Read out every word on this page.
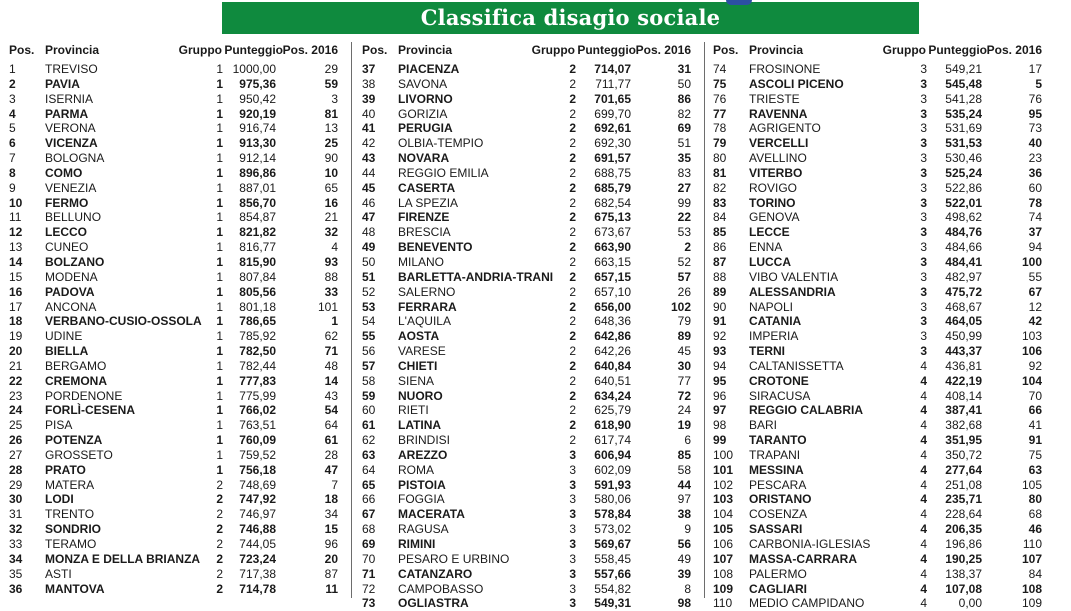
Classifica disagio sociale
Pos. Provincia	Gruppo Punteggio Pos. 2016
1 TREVISO	1 1000,00	29
2 PAVIA	1	975,36	59
3 ISERNIA	1	950,42	3
4 PARMA	1	920,19	81
5 VERONA	1	916,74	13
6 VICENZA	1	913,30	25
7 BOLOGNA	1	912,14	90
8 COMO	1	896,86	10
9 VENEZIA	1	887,01	65
10 FERMO	1	856,70	16
11 BELLUNO	1	854,87	21
12 LECCO	1	821,82	32
13 CUNEO	1	816,77	4
14 BOLZANO	1	815,90	93
15 MODENA	1	807,84	88
16 PADOVA	1	805,56	33
17 ANCONA	1	801,18	101
18 VERBANO-CUSIO-OSSOLA 1	786,65	1
19 UDINE	1	785,92	62
20 BIELLA	1	782,50	71
21 BERGAMO	1	782,44	48
22 CREMONA	1	777,83	14
23 PORDENONE	1	775,99	43
24 FORLÌ-CESENA	1	766,02	54
25 PISA	1	763,51	64
26 POTENZA	1	760,09	61
27 GROSSETO	1	759,52	28
28 PRATO	1	756,18	47
29 MATERA	2	748,69	7
30 LODI	2	747,92	18
31 TRENTO	2	746,97	34
32 SONDRIO	2	746,88	15
33 TERAMO	2	744,05	96
34 MONZA E DELLA BRIANZA 2	723,24	20
35 ASTI	2	717,38	87
36 MANTOVA	2	714,78	11
Pos. Provincia	Gruppo Punteggio Pos. 2016
37 PIACENZA	2	714,07	31
38 SAVONA	2	711,77	50
39 LIVORNO	2	701,65	86
40 GORIZIA	2	699,70	82
41 PERUGIA	2	692,61	69
42 OLBIA-TEMPIO	2	692,30	51
43 NOVARA	2	691,57	35
44 REGGIO EMILIA	2	688,75	83
45 CASERTA	2	685,79	27
46 LA SPEZIA	2	682,54	99
47 FIRENZE	2	675,13	22
48 BRESCIA	2	673,67	53
49 BENEVENTO	2	663,90	2
50 MILANO	2	663,15	52
51 BARLETTA-ANDRIA-TRANI 2	657,15	57
52 SALERNO	2	657,10	26
53 FERRARA	2	656,00	102
54 L'AQUILA	2	648,36	79
55 AOSTA	2	642,86	89
56 VARESE	2	642,26	45
57 CHIETI	2	640,84	30
58 SIENA	2	640,51	77
59 NUORO	2	634,24	72
60 RIETI	2	625,79	24
61 LATINA	2	618,90	19
62 BRINDISI	2	617,74	6
63 AREZZO	3	606,94	85
64 ROMA	3	602,09	58
65 PISTOIA	3	591,93	44
66 FOGGIA	3	580,06	97
67 MACERATA	3	578,84	38
68 RAGUSA	3	573,02	9
69 RIMINI	3	569,67	56
70 PESARO E URBINO	3	558,45	49
71 CATANZARO	3	557,66	39
72 CAMPOBASSO	3	554,82	8
73 OGLIASTRA	3	549,31	98
Pos. Provincia	Gruppo Punteggio Pos. 2016
74 FROSINONE	3	549,21	17
75 ASCOLI PICENO	3	545,48	5
76 TRIESTE	3	541,28	76
77 RAVENNA	3	535,24	95
78 AGRIGENTO	3	531,69	73
79 VERCELLI	3	531,53	40
80 AVELLINO	3	530,46	23
81 VITERBO	3	525,24	36
82 ROVIGO	3	522,86	60
83 TORINO	3	522,01	78
84 GENOVA	3	498,62	74
85 LECCE	3	484,76	37
86 ENNA	3	484,66	94
87 LUCCA	3	484,41	100
88 VIBO VALENTIA	3	482,97	55
89 ALESSANDRIA	3	475,72	67
90 NAPOLI	3	468,67	12
91 CATANIA	3	464,05	42
92 IMPERIA	3	450,99	103
93 TERNI	3	443,37	106
94 CALTANISSETTA	4	436,81	92
95 CROTONE	4	422,19	104
96 SIRACUSA	4	408,14	70
97 REGGIO CALABRIA	4	387,41	66
98 BARI	4	382,68	41
99 TARANTO	4	351,95	91
100 TRAPANI	4	350,72	75
101 MESSINA	4	277,64	63
102 PESCARA	4	251,08	105
103 ORISTANO	4	235,71	80
104 COSENZA	4	228,64	68
105 SASSARI	4	206,35	46
106 CARBONIA-IGLESIAS	4	196,86	110
107 MASSA-CARRARA	4	190,25	107
108 PALERMO	4	138,37	84
109 CAGLIARI	4	107,08	108
110 MEDIO CAMPIDANO	4	0,00	109
